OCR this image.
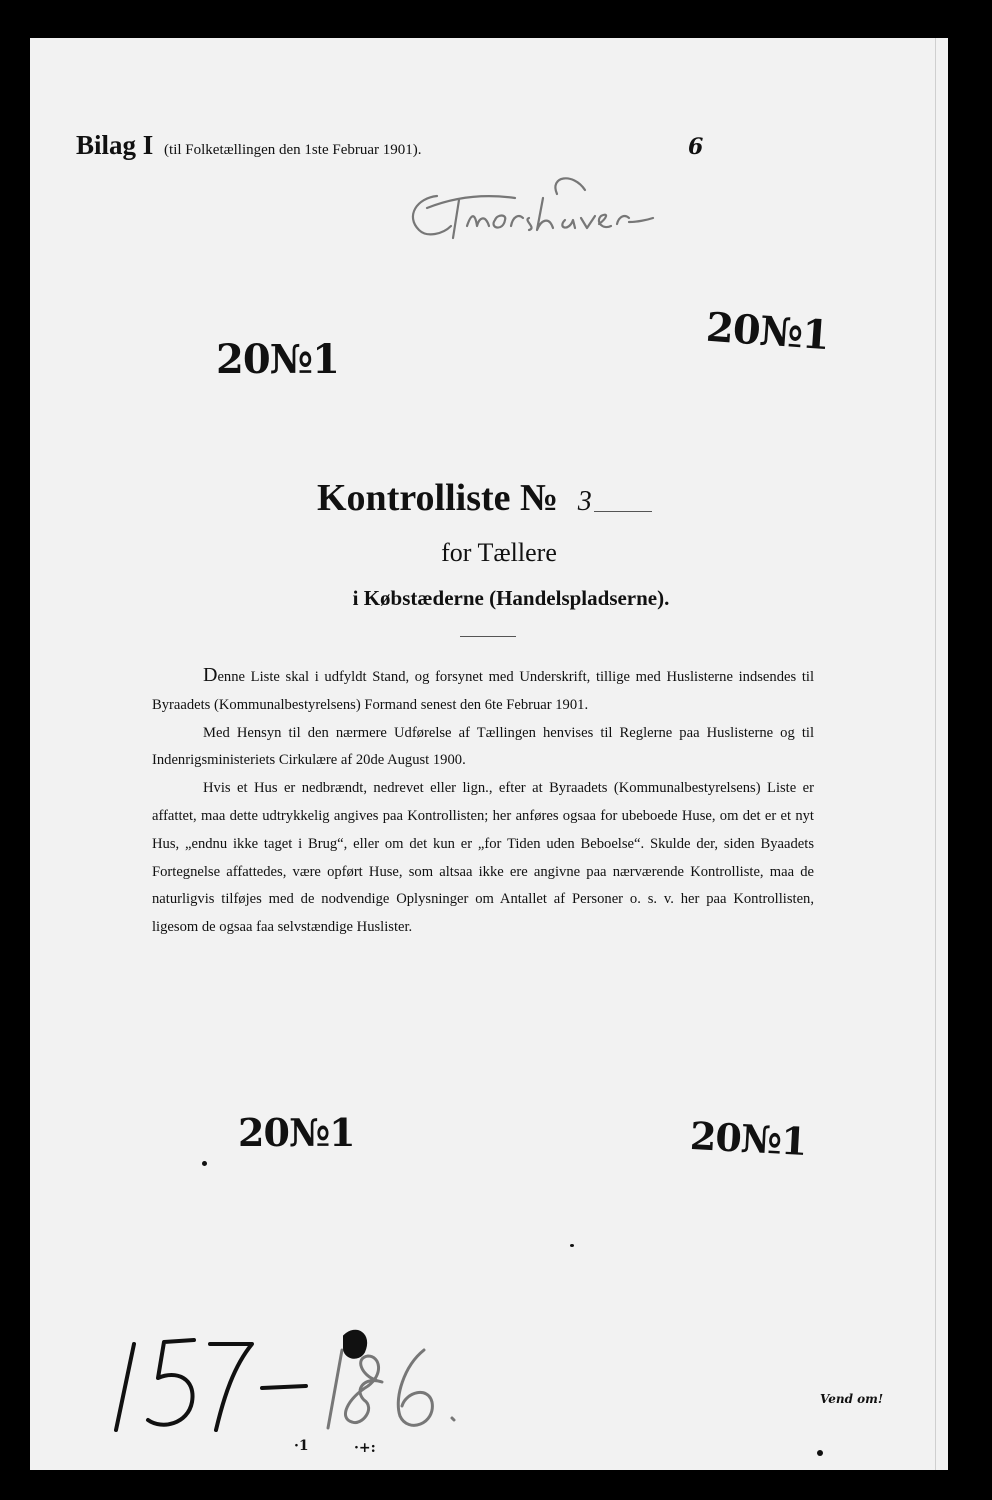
Bilag I (til Folketællingen den 1ste Februar 1901).	6
20№1
20№1
Kontrolliste № 3
for Tællere
i Købstæderne (Handelspladserne).

Denne Liste skal i udfyldt Stand, og forsynet med Underskrift, tillige med Huslisterne indsendes til Byraadets (Kommunalbestyrelsens) Formand senest den 6te Februar 1901.

Med Hensyn til den nærmere Udførelse af Tællingen henvises til Reglerne paa Huslisterne og til Indenrigsministeriets Cirkulære af 20de August 1900.

Hvis et Hus er nedbrændt, nedrevet eller lign., efter at Byraadets (Kommunalbestyrelsens) Liste er affattet, maa dette udtrykkelig angives paa Kontrollisten; her anføres ogsaa for ubeboede Huse, om det er et nyt Hus, „endnu ikke taget i Brug“, eller om det kun er „for Tiden uden Beboelse“. Skulde der, siden Byaadets Fortegnelse affattedes, være opført Huse, som altsaa ikke ere angivne paa nærværende Kontrolliste, maa de naturligvis tilføjes med de nodvendige Oplysninger om Antallet af Personer o. s. v. her paa Kontrollisten, ligesom de ogsaa faa selvstændige Huslister.

20№1	20№1
Vend om!
·1	·+:
